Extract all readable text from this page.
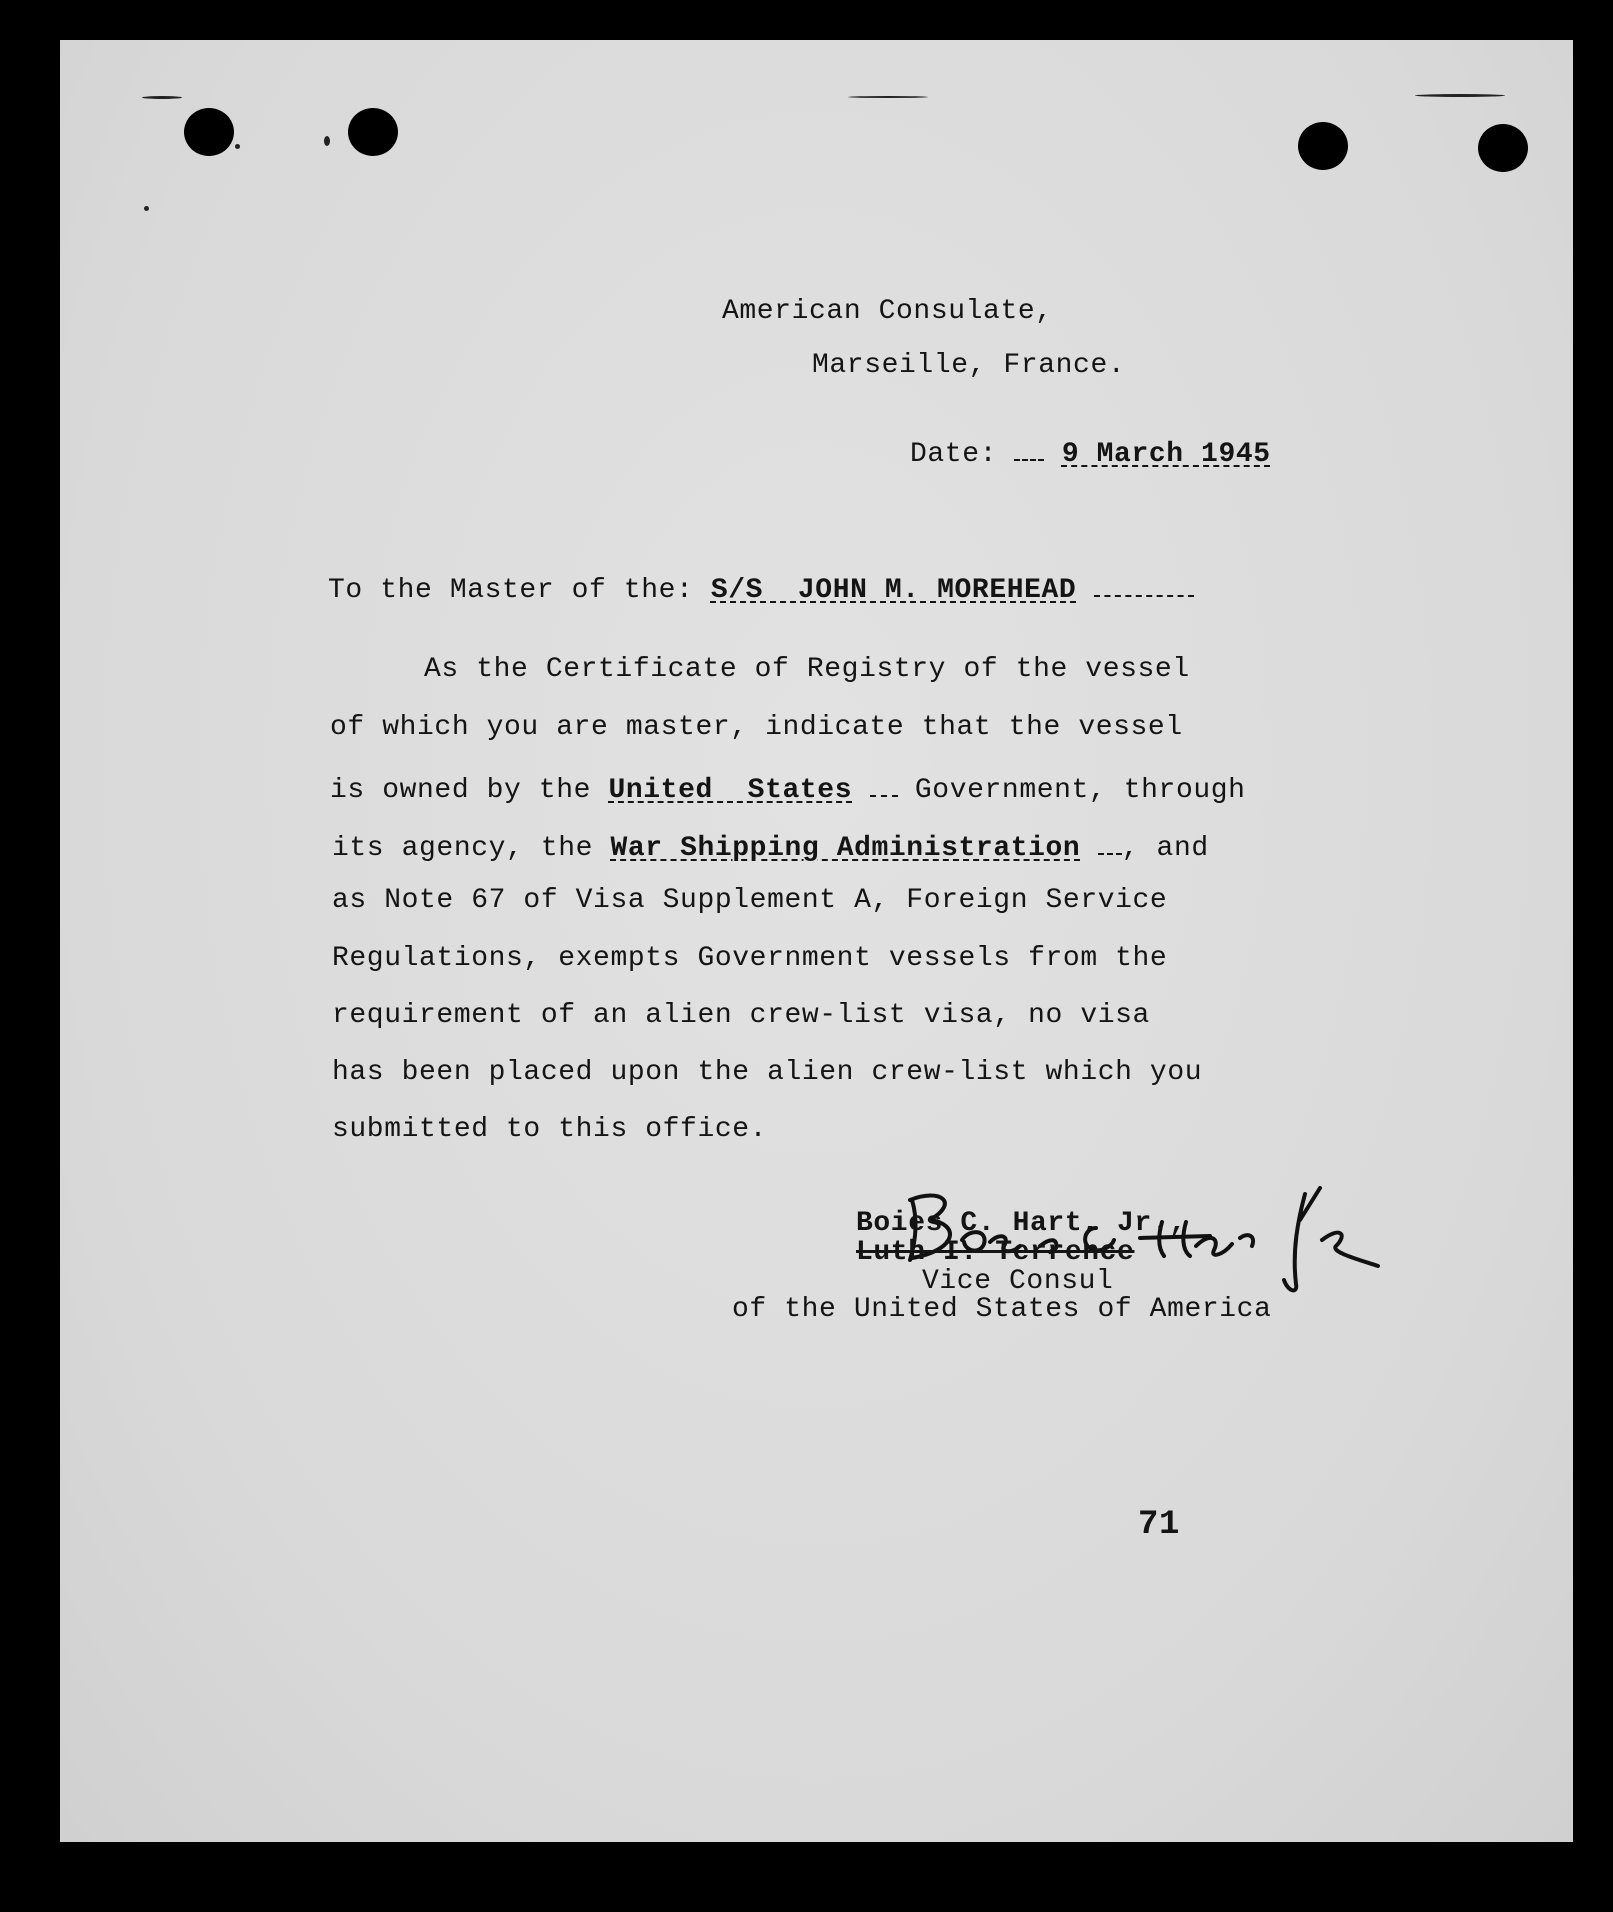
American Consulate,
Marseille, France.
Date: 9 March 1945
To the Master of the: S/S  JOHN M. MOREHEAD
As the Certificate of Registry of the vessel
of which you are master, indicate that the vessel
is owned by the United  States Government, through
its agency, the War Shipping Administration , and
as Note 67 of Visa Supplement A, Foreign Service
Regulations, exempts Government vessels from the
requirement of an alien crew-list visa, no visa
has been placed upon the alien crew-list which you
submitted to this office.
Boies C. Hart, Jr.,
Luth I. Terrence
Vice Consul
of the United States of America
71
